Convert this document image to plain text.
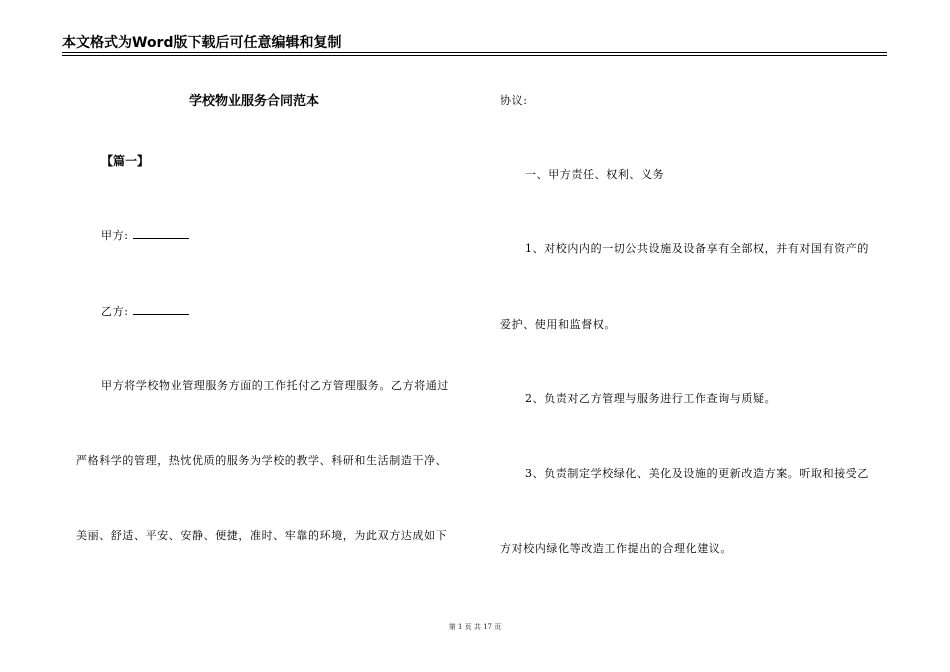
本文格式为Word版下载后可任意编辑和复制
学校物业服务合同范本
【篇一】
甲方:
乙方:
甲方将学校物业管理服务方面的工作托付乙方管理服务。乙方将通过
严格科学的管理，热忱优质的服务为学校的教学、科研和生活制造干净、
美丽、舒适、平安、安静、便捷，准时、牢靠的环境，为此双方达成如下
协议:
一、甲方责任、权利、义务
1、对校内内的一切公共设施及设备享有全部权，并有对国有资产的
爱护、使用和监督权。
2、负责对乙方管理与服务进行工作查询与质疑。
3、负责制定学校绿化、美化及设施的更新改造方案。听取和接受乙
方对校内绿化等改造工作提出的合理化建议。
第 1 页 共 17 页
